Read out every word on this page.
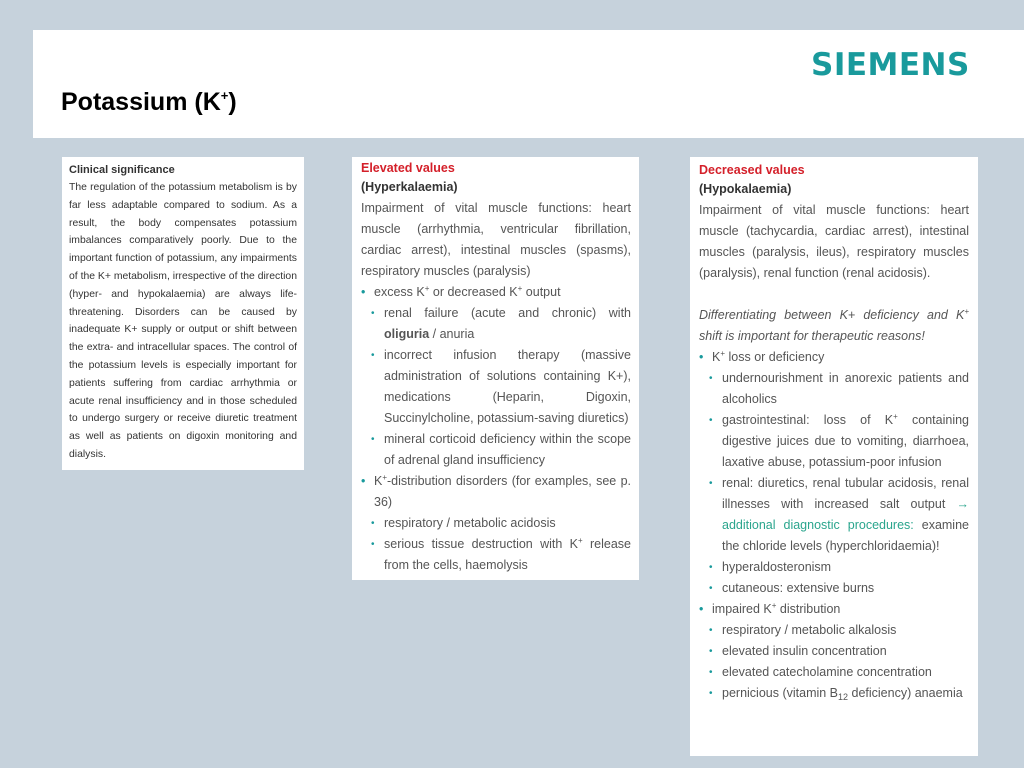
Potassium (K+)
SIEMENS
Clinical significance
The regulation of the potassium metabolism is by far less adaptable compared to sodium. As a result, the body compensates potassium imbalances comparatively poorly. Due to the important function of potassium, any impairments of the K+ metabolism, irrespective of the direction (hyper- and hypokalaemia) are always life-threatening. Disorders can be caused by inadequate K+ supply or output or shift between the extra- and intracellular spaces. The control of the potassium levels is especially important for patients suffering from cardiac arrhythmia or acute renal insufficiency and in those scheduled to undergo surgery or receive diuretic treatment as well as patients on digoxin monitoring and dialysis.
Elevated values
(Hyperkalaemia)
Impairment of vital muscle functions: heart muscle (arrhythmia, ventricular fibrillation, cardiac arrest), intestinal muscles (spasms), respiratory muscles (paralysis)
• excess K+ or decreased K+ output
• renal failure (acute and chronic) with oliguria / anuria
• incorrect infusion therapy (massive administration of solutions containing K+), medications (Heparin, Digoxin, Succinylcholine, potassium-saving diuretics)
• mineral corticoid deficiency within the scope of adrenal gland insufficiency
• K+-distribution disorders (for examples, see p. 36)
• respiratory / metabolic acidosis
• serious tissue destruction with K+ release from the cells, haemolysis
Decreased values
(Hypokalaemia)
Impairment of vital muscle functions: heart muscle (tachycardia, cardiac arrest), intestinal muscles (paralysis, ileus), respiratory muscles (paralysis), renal function (renal acidosis).
Differentiating between K+ deficiency and K+ shift is important for therapeutic reasons!
• K+ loss or deficiency
• undernourishment in anorexic patients and alcoholics
• gastrointestinal: loss of K+ containing digestive juices due to vomiting, diarrhoea, laxative abuse, potassium-poor infusion
• renal: diuretics, renal tubular acidosis, renal illnesses with increased salt output → additional diagnostic procedures: examine the chloride levels (hyperchloridaemia)!
• hyperaldosteronism
• cutaneous: extensive burns
• impaired K+ distribution
• respiratory / metabolic alkalosis
• elevated insulin concentration
• elevated catecholamine concentration
• pernicious (vitamin $B_{12}$ deficiency) anaemia
